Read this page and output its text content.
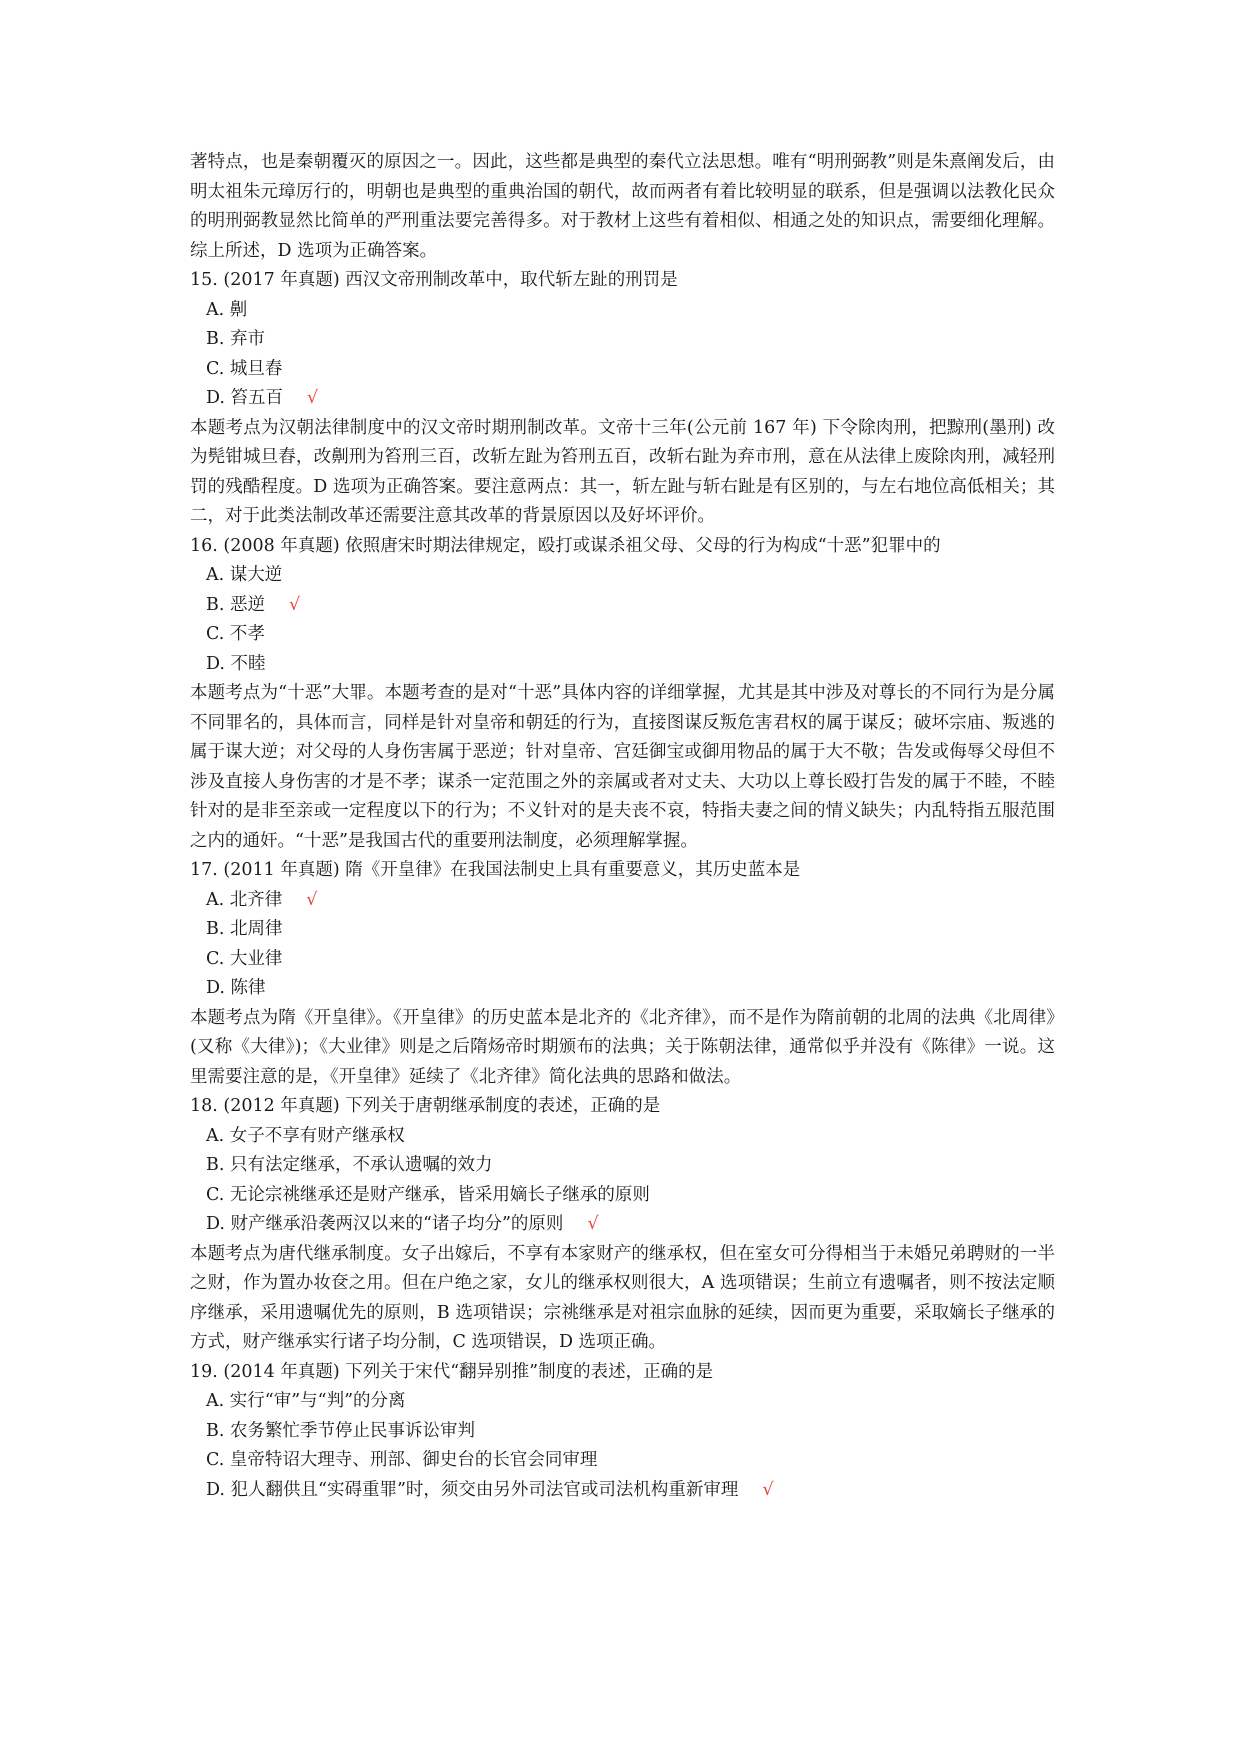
著特点，也是秦朝覆灭的原因之一。因此，这些都是典型的秦代立法思想。唯有“明刑弼教”则是朱熹阐发后，由明太祖朱元璋厉行的，明朝也是典型的重典治国的朝代，故而两者有着比较明显的联系，但是强调以法教化民众的明刑弼教显然比简单的严刑重法要完善得多。对于教材上这些有着相似、相通之处的知识点，需要细化理解。综上所述，D 选项为正确答案。
15. (2017 年真题) 西汉文帝刑制改革中，取代斩左趾的刑罚是
A. 劓
B. 弃市
C. 城旦舂
D. 笞五百 √
本题考点为汉朝法律制度中的汉文帝时期刑制改革。文帝十三年(公元前 167 年) 下令除肉刑，把黥刑(墨刑) 改为髡钳城旦舂，改劓刑为笞刑三百，改斩左趾为笞刑五百，改斩右趾为弃市刑，意在从法律上废除肉刑，减轻刑罚的残酷程度。D 选项为正确答案。要注意两点：其一，斩左趾与斩右趾是有区别的，与左右地位高低相关；其二，对于此类法制改革还需要注意其改革的背景原因以及好坏评价。
16. (2008 年真题) 依照唐宋时期法律规定，殴打或谋杀祖父母、父母的行为构成“十恶”犯罪中的
A. 谋大逆
B. 恶逆 √
C. 不孝
D. 不睦
本题考点为“十恶”大罪。本题考查的是对“十恶”具体内容的详细掌握，尤其是其中涉及对尊长的不同行为是分属不同罪名的，具体而言，同样是针对皇帝和朝廷的行为，直接图谋反叛危害君权的属于谋反；破坏宗庙、叛逃的属于谋大逆；对父母的人身伤害属于恶逆；针对皇帝、宫廷御宝或御用物品的属于大不敬；告发或侮辱父母但不涉及直接人身伤害的才是不孝；谋杀一定范围之外的亲属或者对丈夫、大功以上尊长殴打告发的属于不睦，不睦针对的是非至亲或一定程度以下的行为；不义针对的是夫丧不哀，特指夫妻之间的情义缺失；内乱特指五服范围之内的通奸。“十恶”是我国古代的重要刑法制度，必须理解掌握。
17. (2011 年真题) 隋《开皇律》在我国法制史上具有重要意义，其历史蓝本是
A. 北齐律 √
B. 北周律
C. 大业律
D. 陈律
本题考点为隋《开皇律》。《开皇律》的历史蓝本是北齐的《北齐律》，而不是作为隋前朝的北周的法典《北周律》(又称《大律》)；《大业律》则是之后隋炀帝时期颁布的法典；关于陈朝法律，通常似乎并没有《陈律》一说。这里需要注意的是，《开皇律》延续了《北齐律》简化法典的思路和做法。
18. (2012 年真题) 下列关于唐朝继承制度的表述，正确的是
A. 女子不享有财产继承权
B. 只有法定继承，不承认遗嘱的效力
C. 无论宗祧继承还是财产继承，皆采用嫡长子继承的原则
D. 财产继承沿袭两汉以来的“诸子均分”的原则 √
本题考点为唐代继承制度。女子出嫁后，不享有本家财产的继承权，但在室女可分得相当于未婚兄弟聘财的一半之财，作为置办妆奁之用。但在户绝之家，女儿的继承权则很大，A 选项错误；生前立有遗嘱者，则不按法定顺序继承，采用遗嘱优先的原则，B 选项错误；宗祧继承是对祖宗血脉的延续，因而更为重要，采取嫡长子继承的方式，财产继承实行诸子均分制，C 选项错误，D 选项正确。
19. (2014 年真题) 下列关于宋代“翻异别推”制度的表述，正确的是
A. 实行“审”与“判”的分离
B. 农务繁忙季节停止民事诉讼审判
C. 皇帝特诏大理寺、刑部、御史台的长官会同审理
D. 犯人翻供且“实碍重罪”时，须交由另外司法官或司法机构重新审理 √
